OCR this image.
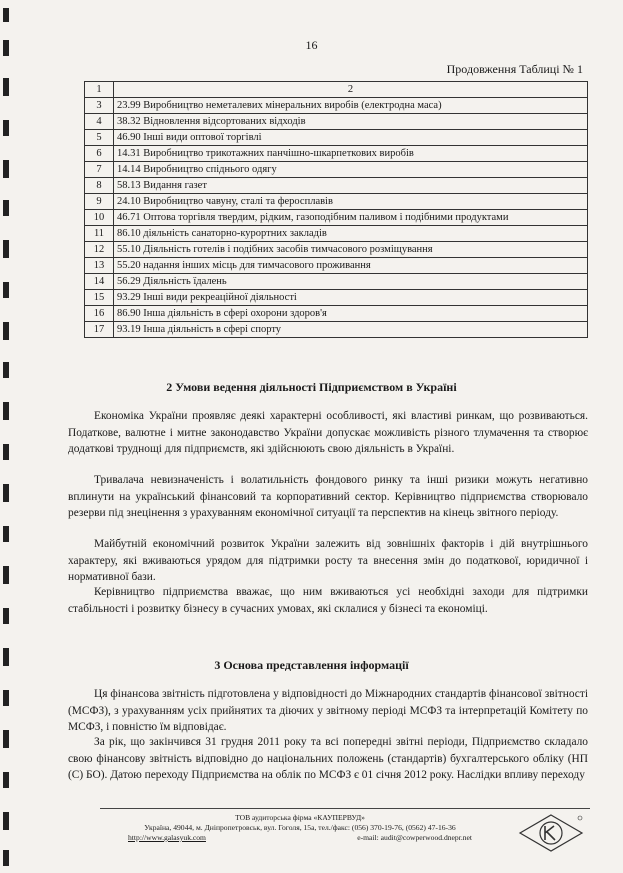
16
Продовження Таблиці № 1
1	2
3	23.99 Виробництво неметалевих мінеральних виробів (електродна маса)
4	38.32 Відновлення відсортованих відходів
5	46.90 Інші види оптової торгівлі
6	14.31 Виробництво трикотажних панчішно-шкарпеткових виробів
7	14.14 Виробництво спіднього одягу
8	58.13 Видання газет
9	24.10 Виробництво чавуну, сталі та феросплавів
10	46.71 Оптова торгівля твердим, рідким, газоподібним паливом і подібними продуктами
11	86.10 діяльність санаторно-курортних закладів
12	55.10 Діяльність готелів і подібних засобів тимчасового розміщування
13	55.20 надання інших місць для тимчасового проживання
14	56.29 Діяльність їдалень
15	93.29 Інші види рекреаційної діяльності
16	86.90 Інша діяльність в сфері охорони здоров'я
17	93.19 Інша діяльність в сфері спорту
2 Умови ведення діяльності Підприємством в Україні

Економіка України проявляє деякі характерні особливості, які властиві ринкам, що розвиваються. Податкове, валютне і митне законодавство України допускає можливість різного тлумачення та створює додаткові труднощі для підприємств, які здійснюють свою діяльність в Україні.

Тривалача невизначеність і волатильність фондового ринку та інші ризики можуть негативно вплинути на український фінансовий та корпоративний сектор. Керівництво підприємства створювало резерви під знецінення з урахуванням економічної ситуації та перспектив на кінець звітного періоду.

Майбутній економічний розвиток України залежить від зовнішніх факторів і дій внутрішнього характеру, які вживаються урядом для підтримки росту та внесення змін до податкової, юридичної і нормативної бази.

Керівництво підприємства вважає, що ним вживаються усі необхідні заходи для підтримки стабільності і розвитку бізнесу в сучасних умовах, які склалися у бізнесі та економіці.

3 Основа представлення інформації

Ця фінансова звітність підготовлена у відповідності до Міжнародних стандартів фінансової звітності (МСФЗ), з урахуванням усіх прийнятих та діючих у звітному періоді МСФЗ та інтерпретацій Комітету по МСФЗ, і повністю їм відповідає.

За рік, що закінчився 31 грудня 2011 року та всі попередні звітні періоди, Підприємство складало свою фінансову звітність відповідно до національних положень (стандартів) бухгалтерського обліку (НП (С) БО). Датою переходу Підприємства на облік по МСФЗ є 01 січня 2012 року. Наслідки впливу переходу

ТОВ аудиторська фірма «КАУПЕРВУД»
Україна, 49044, м. Дніпропетровськ, вул. Гоголя, 15а, тел./факс: (056) 370-19-76, (0562) 47-16-36
http://www.galasyuk.com	e-mail: audit@cowperwood.dnepr.net
